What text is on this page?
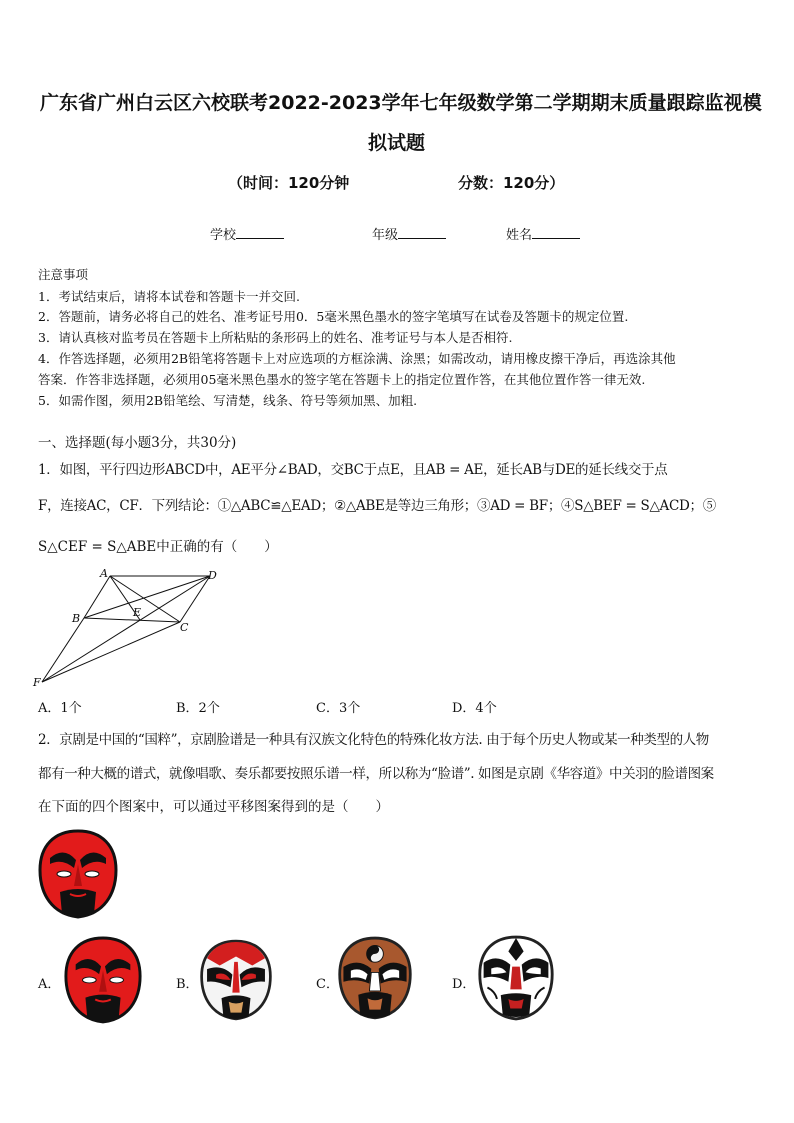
广东省广州白云区六校联考2022-2023学年七年级数学第二学期期末质量跟踪监视模
拟试题
（时间：120分钟	分数：120分）
学校	年级	姓名
注意事项
1．考试结束后，请将本试卷和答题卡一并交回.
2．答题前，请务必将自己的姓名、准考证号用0．5毫米黑色墨水的签字笔填写在试卷及答题卡的规定位置.
3．请认真核对监考员在答题卡上所粘贴的条形码上的姓名、准考证号与本人是否相符.
4．作答选择题，必须用2B铅笔将答题卡上对应选项的方框涂满、涂黑；如需改动，请用橡皮擦干净后，再选涂其他
答案．作答非选择题，必须用05毫米黑色墨水的签字笔在答题卡上的指定位置作答，在其他位置作答一律无效.
5．如需作图，须用2B铅笔绘、写清楚，线条、符号等须加黑、加粗.
一、选择题(每小题3分，共30分)
1．如图，平行四边形ABCD中，AE平分∠BAD，交BC于点E，且AB = AE，延长AB与DE的延长线交于点
F，连接AC，CF．下列结论：①△ABC≌△EAD；②△ABE是等边三角形；③AD = BF；④S△BEF = S△ACD；⑤
S△CEF = S△ABE中正确的有（　　）
A	D
B	E
C
F
A．1个	B．2个	C．3个	D．4个
2．京剧是中国的“国粹”，京剧脸谱是一种具有汉族文化特色的特殊化妆方法. 由于每个历史人物或某一种类型的人物
都有一种大概的谱式，就像唱歌、奏乐都要按照乐谱一样，所以称为“脸谱”. 如图是京剧《华容道》中关羽的脸谱图案
在下面的四个图案中，可以通过平移图案得到的是（　　）
A．	B．	C．	D．
